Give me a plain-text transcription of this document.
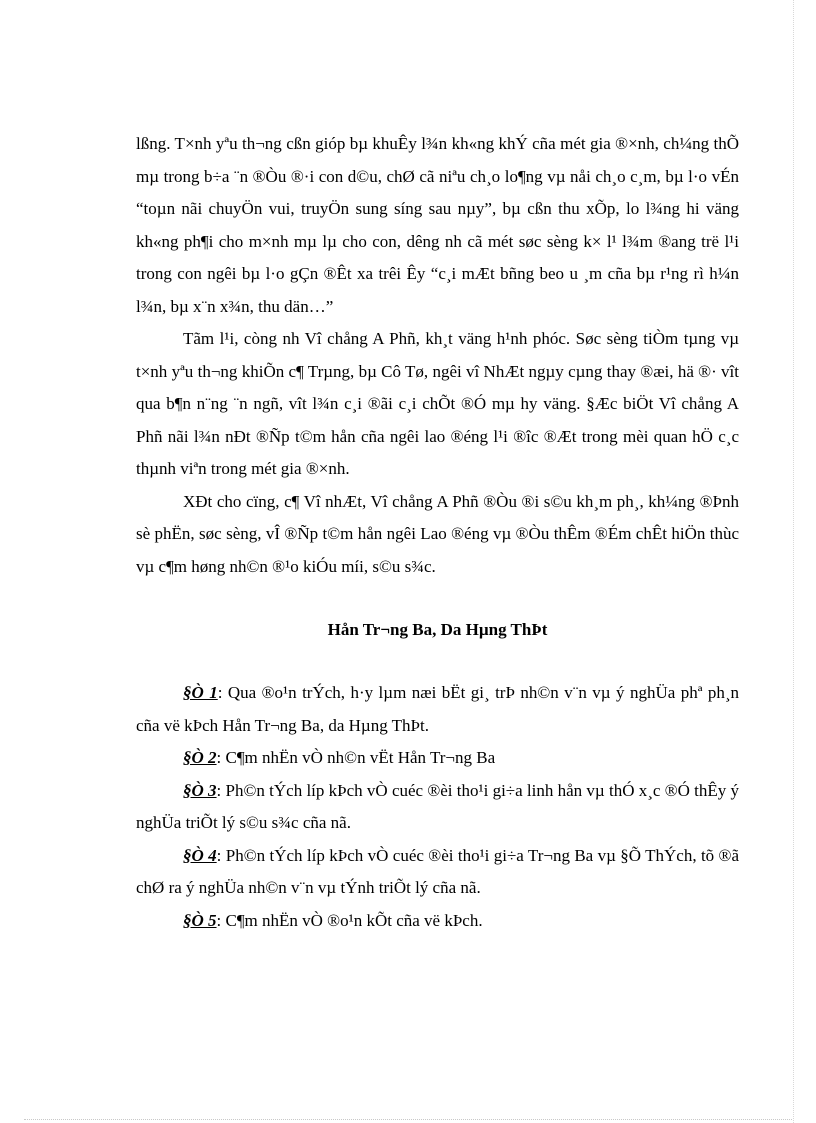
lßng. T×nh yªu th¬ng cßn gióp bµ khuÊy l¾n kh«ng khÝ cña mét gia ®×nh, ch¼ng thÕ mµ trong b÷a ¨n ®Òu ®·i con d©u, chØ cã niªu ch¸o lo¶ng vµ nåi ch¸o c¸m, bµ l·o vÉn “toµn nãi chuyÖn vui, truyÖn sung síng sau nµy”, bµ cßn thu xÕp, lo l¾ng hi väng kh«ng ph¶i cho m×nh mµ lµ cho con, dêng nh cã mét søc sèng k× l¹ l¾m ®ang trë l¹i trong con ngêi bµ l·o gÇn ®Êt xa trêi Êy “c¸i mÆt bñng beo u ¸m cña bµ r¹ng rì h¼n l¾n, bµ x¨n x¾n, thu dän…”

Tãm l¹i, còng nh Vî chång A Phñ, kh¸t väng h¹nh phóc. Søc sèng tiÒm tµng vµ t×nh yªu th¬ng khiÕn c¶ Trµng, bµ Cô Tø, ngêi vî NhÆt ngµy cµng thay ®æi, hä ®· vît qua b¶n n¨ng ¨n ngñ, vît l¾n c¸i ®ãi c¸i chÕt ®Ó mµ hy väng. §Æc biÖt Vî chång A Phñ nãi l¾n nÐt ®Ñp t©m hån cña ngêi lao ®éng l¹i ®îc ®Æt trong mèi quan hÖ c¸c thµnh viªn trong mét gia ®×nh.

XÐt cho cïng, c¶ Vî nhÆt, Vî chång A Phñ ®Òu ®i s©u kh¸m ph¸, kh¼ng ®Þnh sè phËn, søc sèng, vÎ ®Ñp t©m hån ngêi Lao ®éng vµ ®Òu thÊm ®Ém chÊt hiÖn thùc vµ c¶m høng nh©n ®¹o kiÓu míi, s©u s¾c.

Hån Tr¬ng Ba, Da Hµng ThÞt

§Ò 1: Qua ®o¹n trÝch, h·y lµm næi bËt gi¸ trÞ nh©n v¨n vµ ý nghÜa phª ph¸n cña vë kÞch Hån Tr¬ng Ba, da Hµng ThÞt.

§Ò 2: C¶m nhËn vÒ nh©n vËt Hån Tr¬ng Ba

§Ò 3: Ph©n tÝch líp kÞch vÒ cuéc ®èi tho¹i gi÷a linh hån vµ thÓ x¸c ®Ó thÊy ý nghÜa triÕt lý s©u s¾c cña nã.

§Ò 4: Ph©n tÝch líp kÞch vÒ cuéc ®èi tho¹i gi÷a Tr¬ng Ba vµ §Õ ThÝch, tõ ®ã chØ ra ý nghÜa nh©n v¨n vµ tÝnh triÕt lý cña nã.

§Ò 5: C¶m nhËn vÒ ®o¹n kÕt cña vë kÞch.
